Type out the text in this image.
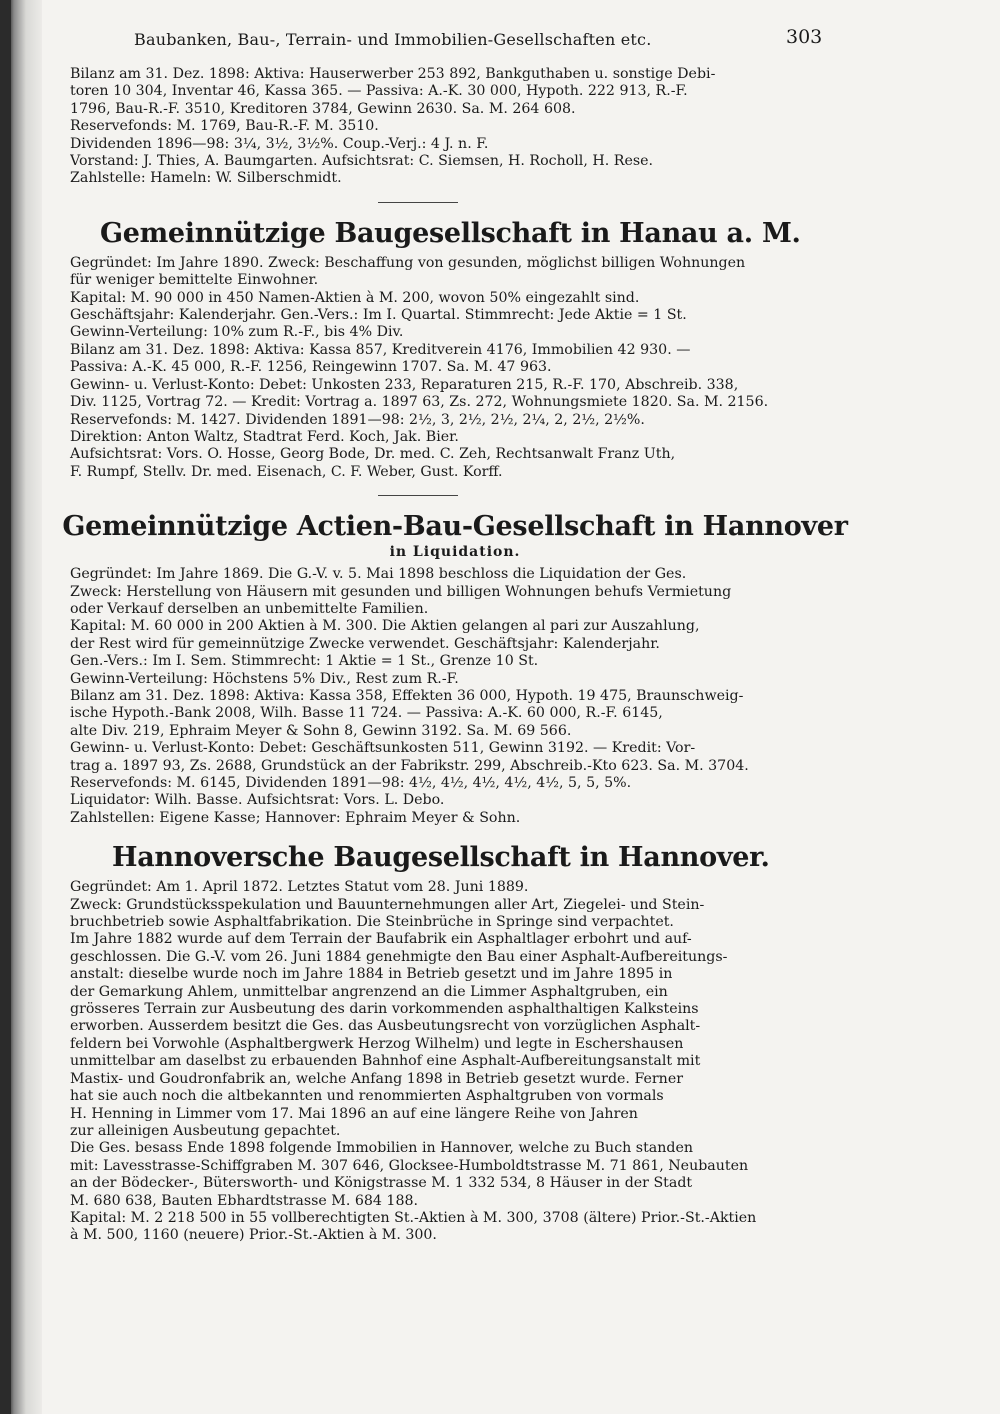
Baubanken, Bau-, Terrain- und Immobilien-Gesellschaften etc.	303
Bilanz am 31. Dez. 1898: Aktiva: Hauserwerber 253 892, Bankguthaben u. sonstige Debi-
toren 10 304, Inventar 46, Kassa 365. — Passiva: A.-K. 30 000, Hypoth. 222 913, R.-F.
1796, Bau-R.-F. 3510, Kreditoren 3784, Gewinn 2630. Sa. M. 264 608.
Reservefonds: M. 1769, Bau-R.-F. M. 3510.
Dividenden 1896—98: 3¼, 3½, 3½%. Coup.-Verj.: 4 J. n. F.
Vorstand: J. Thies, A. Baumgarten. Aufsichtsrat: C. Siemsen, H. Rocholl, H. Rese.
Zahlstelle: Hameln: W. Silberschmidt.
Gemeinnützige Baugesellschaft in Hanau a. M.
Gegründet: Im Jahre 1890. Zweck: Beschaffung von gesunden, möglichst billigen Wohnungen
für weniger bemittelte Einwohner.
Kapital: M. 90 000 in 450 Namen-Aktien à M. 200, wovon 50% eingezahlt sind.
Geschäftsjahr: Kalenderjahr. Gen.-Vers.: Im I. Quartal. Stimmrecht: Jede Aktie = 1 St.
Gewinn-Verteilung: 10% zum R.-F., bis 4% Div.
Bilanz am 31. Dez. 1898: Aktiva: Kassa 857, Kreditverein 4176, Immobilien 42 930. —
Passiva: A.-K. 45 000, R.-F. 1256, Reingewinn 1707. Sa. M. 47 963.
Gewinn- u. Verlust-Konto: Debet: Unkosten 233, Reparaturen 215, R.-F. 170, Abschreib. 338,
Div. 1125, Vortrag 72. — Kredit: Vortrag a. 1897 63, Zs. 272, Wohnungsmiete 1820. Sa. M. 2156.
Reservefonds: M. 1427. Dividenden 1891—98: 2½, 3, 2½, 2½, 2¼, 2, 2½, 2½%.
Direktion: Anton Waltz, Stadtrat Ferd. Koch, Jak. Bier.
Aufsichtsrat: Vors. O. Hosse, Georg Bode, Dr. med. C. Zeh, Rechtsanwalt Franz Uth,
F. Rumpf, Stellv. Dr. med. Eisenach, C. F. Weber, Gust. Korff.
Gemeinnützige Actien-Bau-Gesellschaft in Hannover
in Liquidation.
Gegründet: Im Jahre 1869. Die G.-V. v. 5. Mai 1898 beschloss die Liquidation der Ges.
Zweck: Herstellung von Häusern mit gesunden und billigen Wohnungen behufs Vermietung
oder Verkauf derselben an unbemittelte Familien.
Kapital: M. 60 000 in 200 Aktien à M. 300. Die Aktien gelangen al pari zur Auszahlung,
der Rest wird für gemeinnützige Zwecke verwendet. Geschäftsjahr: Kalenderjahr.
Gen.-Vers.: Im I. Sem. Stimmrecht: 1 Aktie = 1 St., Grenze 10 St.
Gewinn-Verteilung: Höchstens 5% Div., Rest zum R.-F.
Bilanz am 31. Dez. 1898: Aktiva: Kassa 358, Effekten 36 000, Hypoth. 19 475, Braunschweig-
ische Hypoth.-Bank 2008, Wilh. Basse 11 724. — Passiva: A.-K. 60 000, R.-F. 6145,
alte Div. 219, Ephraim Meyer & Sohn 8, Gewinn 3192. Sa. M. 69 566.
Gewinn- u. Verlust-Konto: Debet: Geschäftsunkosten 511, Gewinn 3192. — Kredit: Vor-
trag a. 1897 93, Zs. 2688, Grundstück an der Fabrikstr. 299, Abschreib.-Kto 623. Sa. M. 3704.
Reservefonds: M. 6145, Dividenden 1891—98: 4½, 4½, 4½, 4½, 4½, 5, 5, 5%.
Liquidator: Wilh. Basse. Aufsichtsrat: Vors. L. Debo.
Zahlstellen: Eigene Kasse; Hannover: Ephraim Meyer & Sohn.
Hannoversche Baugesellschaft in Hannover.
Gegründet: Am 1. April 1872. Letztes Statut vom 28. Juni 1889.
Zweck: Grundstücksspekulation und Bauunternehmungen aller Art, Ziegelei- und Stein-
bruchbetrieb sowie Asphaltfabrikation. Die Steinbrüche in Springe sind verpachtet.
Im Jahre 1882 wurde auf dem Terrain der Baufabrik ein Asphaltlager erbohrt und auf-
geschlossen. Die G.-V. vom 26. Juni 1884 genehmigte den Bau einer Asphalt-Aufbereitungs-
anstalt: dieselbe wurde noch im Jahre 1884 in Betrieb gesetzt und im Jahre 1895 in
der Gemarkung Ahlem, unmittelbar angrenzend an die Limmer Asphaltgruben, ein
grösseres Terrain zur Ausbeutung des darin vorkommenden asphalthaltigen Kalksteins
erworben. Ausserdem besitzt die Ges. das Ausbeutungsrecht von vorzüglichen Asphalt-
feldern bei Vorwohle (Asphaltbergwerk Herzog Wilhelm) und legte in Eschershausen
unmittelbar am daselbst zu erbauenden Bahnhof eine Asphalt-Aufbereitungsanstalt mit
Mastix- und Goudronfabrik an, welche Anfang 1898 in Betrieb gesetzt wurde. Ferner
hat sie auch noch die altbekannten und renommierten Asphaltgruben von vormals
H. Henning in Limmer vom 17. Mai 1896 an auf eine längere Reihe von Jahren
zur alleinigen Ausbeutung gepachtet.
Die Ges. besass Ende 1898 folgende Immobilien in Hannover, welche zu Buch standen
mit: Lavesstrasse-Schiffgraben M. 307 646, Glocksee-Humboldtstrasse M. 71 861, Neubauten
an der Bödecker-, Bütersworth- und Königstrasse M. 1 332 534, 8 Häuser in der Stadt
M. 680 638, Bauten Ebhardtstrasse M. 684 188.
Kapital: M. 2 218 500 in 55 vollberechtigten St.-Aktien à M. 300, 3708 (ältere) Prior.-St.-Aktien
à M. 500, 1160 (neuere) Prior.-St.-Aktien à M. 300.
